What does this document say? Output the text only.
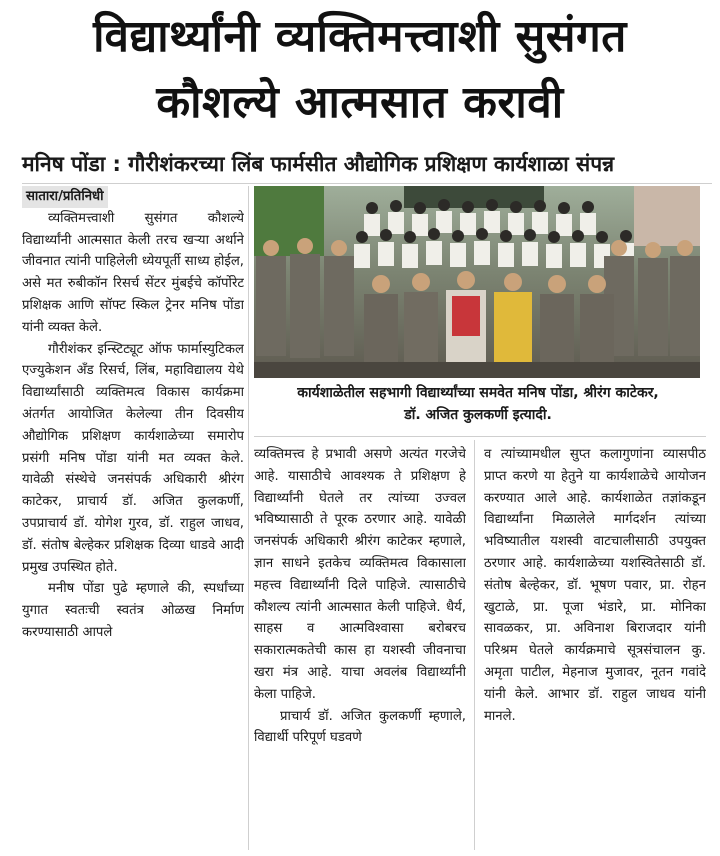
विद्यार्थ्यांनी व्यक्तिमत्त्वाशी सुसंगत
कौशल्ये आत्मसात करावी
मनिष पोंडा : गौरीशंकरच्या लिंब फार्मसीत औद्योगिक प्रशिक्षण कार्यशाळा संपन्न

सातारा/प्रतिनिधी
व्यक्तिमत्त्वाशी सुसंगत कौशल्ये विद्यार्थ्यांनी आत्मसात केली तरच खऱ्या अर्थाने जीवनात त्यांनी पाहिलेली ध्येयपूर्ती साध्य होईल, असे मत रुबीकॉन रिसर्च सेंटर मुंबईचे कॉर्पोरेट प्रशिक्षक आणि सॉफ्ट स्किल ट्रेनर मनिष पोंडा यांनी व्यक्त केले.

गौरीशंकर इन्स्टिट्यूट ऑफ फार्मास्युटिकल एज्युकेशन अँड रिसर्च, लिंब, महाविद्यालय येथे विद्यार्थ्यांसाठी व्यक्तिमत्व विकास कार्यक्रमा अंतर्गत आयोजित केलेल्या तीन दिवसीय औद्योगिक प्रशिक्षण कार्यशाळेच्या समारोप प्रसंगी मनिष पोंडा यांनी मत व्यक्त केले. यावेळी संस्थेचे जनसंपर्क अधिकारी श्रीरंग काटेकर, प्राचार्य डॉ. अजित कुलकर्णी, उपप्राचार्य डॉ. योगेश गुरव, डॉ. राहुल जाधव, डॉ. संतोष बेल्हेकर प्रशिक्षक दिव्या धाडवे आदी प्रमुख उपस्थित होते.

मनीष पोंडा पुढे म्हणाले की, स्पर्धांच्या युगात स्वतःची स्वतंत्र ओळख निर्माण करण्यासाठी आपले

कार्यशाळेतील सहभागी विद्यार्थ्यांच्या समवेत मनिष पोंडा, श्रीरंग काटेकर,
डॉ. अजित कुलकर्णी इत्यादी.

व्यक्तिमत्त्व हे प्रभावी असणे अत्यंत गरजेचे आहे. यासाठीचे आवश्यक ते प्रशिक्षण हे विद्यार्थ्यांनी घेतले तर त्यांच्या उज्वल भविष्यासाठी ते पूरक ठरणार आहे. यावेळी जनसंपर्क अधिकारी श्रीरंग काटेकर म्हणाले, ज्ञान साधने इतकेच व्यक्तिमत्व विकासाला महत्त्व विद्यार्थ्यांनी दिले पाहिजे. त्यासाठीचे कौशल्य त्यांनी आत्मसात केली पाहिजे. धैर्य, साहस व आत्मविश्वासा बरोबरच सकारात्मकतेची कास हा यशस्वी जीवनाचा खरा मंत्र आहे. याचा अवलंब विद्यार्थ्यांनी केला पाहिजे.

प्राचार्य डॉ. अजित कुलकर्णी म्हणाले, विद्यार्थी परिपूर्ण घडवणे

व त्यांच्यामधील सुप्त कलागुणांना व्यासपीठ प्राप्त करणे या हेतुने या कार्यशाळेचे आयोजन करण्यात आले आहे. कार्यशाळेत तज्ञांकडून विद्यार्थ्यांना मिळालेले मार्गदर्शन त्यांच्या भविष्यातील यशस्वी वाटचालीसाठी उपयुक्त ठरणार आहे. कार्यशाळेच्या यशस्वितेसाठी डॉ. संतोष बेल्हेकर, डॉ. भूषण पवार, प्रा. रोहन खुटाळे, प्रा. पूजा भंडारे, प्रा. मोनिका सावळकर, प्रा. अविनाश बिराजदार यांनी परिश्रम घेतले कार्यक्रमाचे सूत्रसंचालन कु. अमृता पाटील, मेहनाज मुजावर, नूतन गवांदे यांनी केले. आभार डॉ. राहुल जाधव यांनी मानले.
